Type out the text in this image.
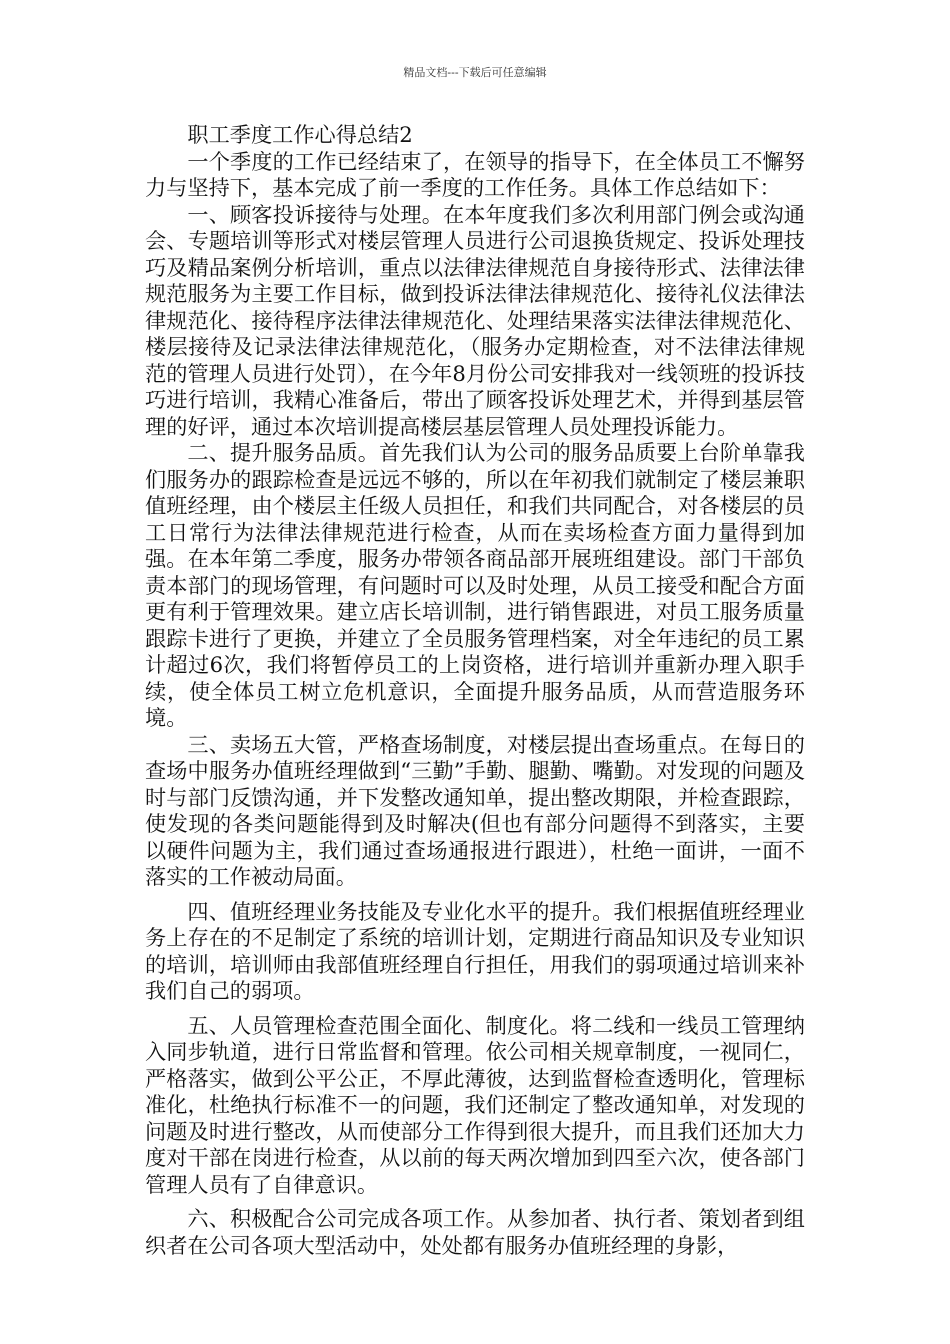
精品文档---下载后可任意编辑
职工季度工作心得总结2

一个季度的工作已经结束了，在领导的指导下，在全体员工不懈努力与坚持下，基本完成了前一季度的工作任务。具体工作总结如下：

一、顾客投诉接待与处理。在本年度我们多次利用部门例会或沟通会、专题培训等形式对楼层管理人员进行公司退换货规定、投诉处理技巧及精品案例分析培训，重点以法律法律规范自身接待形式、法律法律规范服务为主要工作目标，做到投诉法律法律规范化、接待礼仪法律法律规范化、接待程序法律法律规范化、处理结果落实法律法律规范化、楼层接待及记录法律法律规范化，（服务办定期检查，对不法律法律规范的管理人员进行处罚），在今年8月份公司安排我对一线领班的投诉技巧进行培训，我精心准备后，带出了顾客投诉处理艺术，并得到基层管理的好评，通过本次培训提高楼层基层管理人员处理投诉能力。

二、提升服务品质。首先我们认为公司的服务品质要上台阶单靠我们服务办的跟踪检查是远远不够的，所以在年初我们就制定了楼层兼职值班经理，由个楼层主任级人员担任，和我们共同配合，对各楼层的员工日常行为法律法律规范进行检查，从而在卖场检查方面力量得到加强。在本年第二季度，服务办带领各商品部开展班组建设。部门干部负责本部门的现场管理，有问题时可以及时处理，从员工接受和配合方面更有利于管理效果。建立店长培训制，进行销售跟进，对员工服务质量跟踪卡进行了更换，并建立了全员服务管理档案，对全年违纪的员工累计超过6次，我们将暂停员工的上岗资格，进行培训并重新办理入职手续，使全体员工树立危机意识，全面提升服务品质，从而营造服务环境。

三、卖场五大管，严格查场制度，对楼层提出查场重点。在每日的查场中服务办值班经理做到“三勤”手勤、腿勤、嘴勤。对发现的问题及时与部门反馈沟通，并下发整改通知单，提出整改期限，并检查跟踪，使发现的各类问题能得到及时解决(但也有部分问题得不到落实，主要以硬件问题为主，我们通过查场通报进行跟进），杜绝一面讲，一面不落实的工作被动局面。

四、值班经理业务技能及专业化水平的提升。我们根据值班经理业务上存在的不足制定了系统的培训计划，定期进行商品知识及专业知识的培训，培训师由我部值班经理自行担任，用我们的弱项通过培训来补我们自己的弱项。

五、人员管理检查范围全面化、制度化。将二线和一线员工管理纳入同步轨道，进行日常监督和管理。依公司相关规章制度，一视同仁，严格落实，做到公平公正，不厚此薄彼，达到监督检查透明化，管理标准化，杜绝执行标准不一的问题，我们还制定了整改通知单，对发现的问题及时进行整改，从而使部分工作得到很大提升，而且我们还加大力度对干部在岗进行检查，从以前的每天两次增加到四至六次，使各部门管理人员有了自律意识。

六、积极配合公司完成各项工作。从参加者、执行者、策划者到组织者在公司各项大型活动中，处处都有服务办值班经理的身影，
